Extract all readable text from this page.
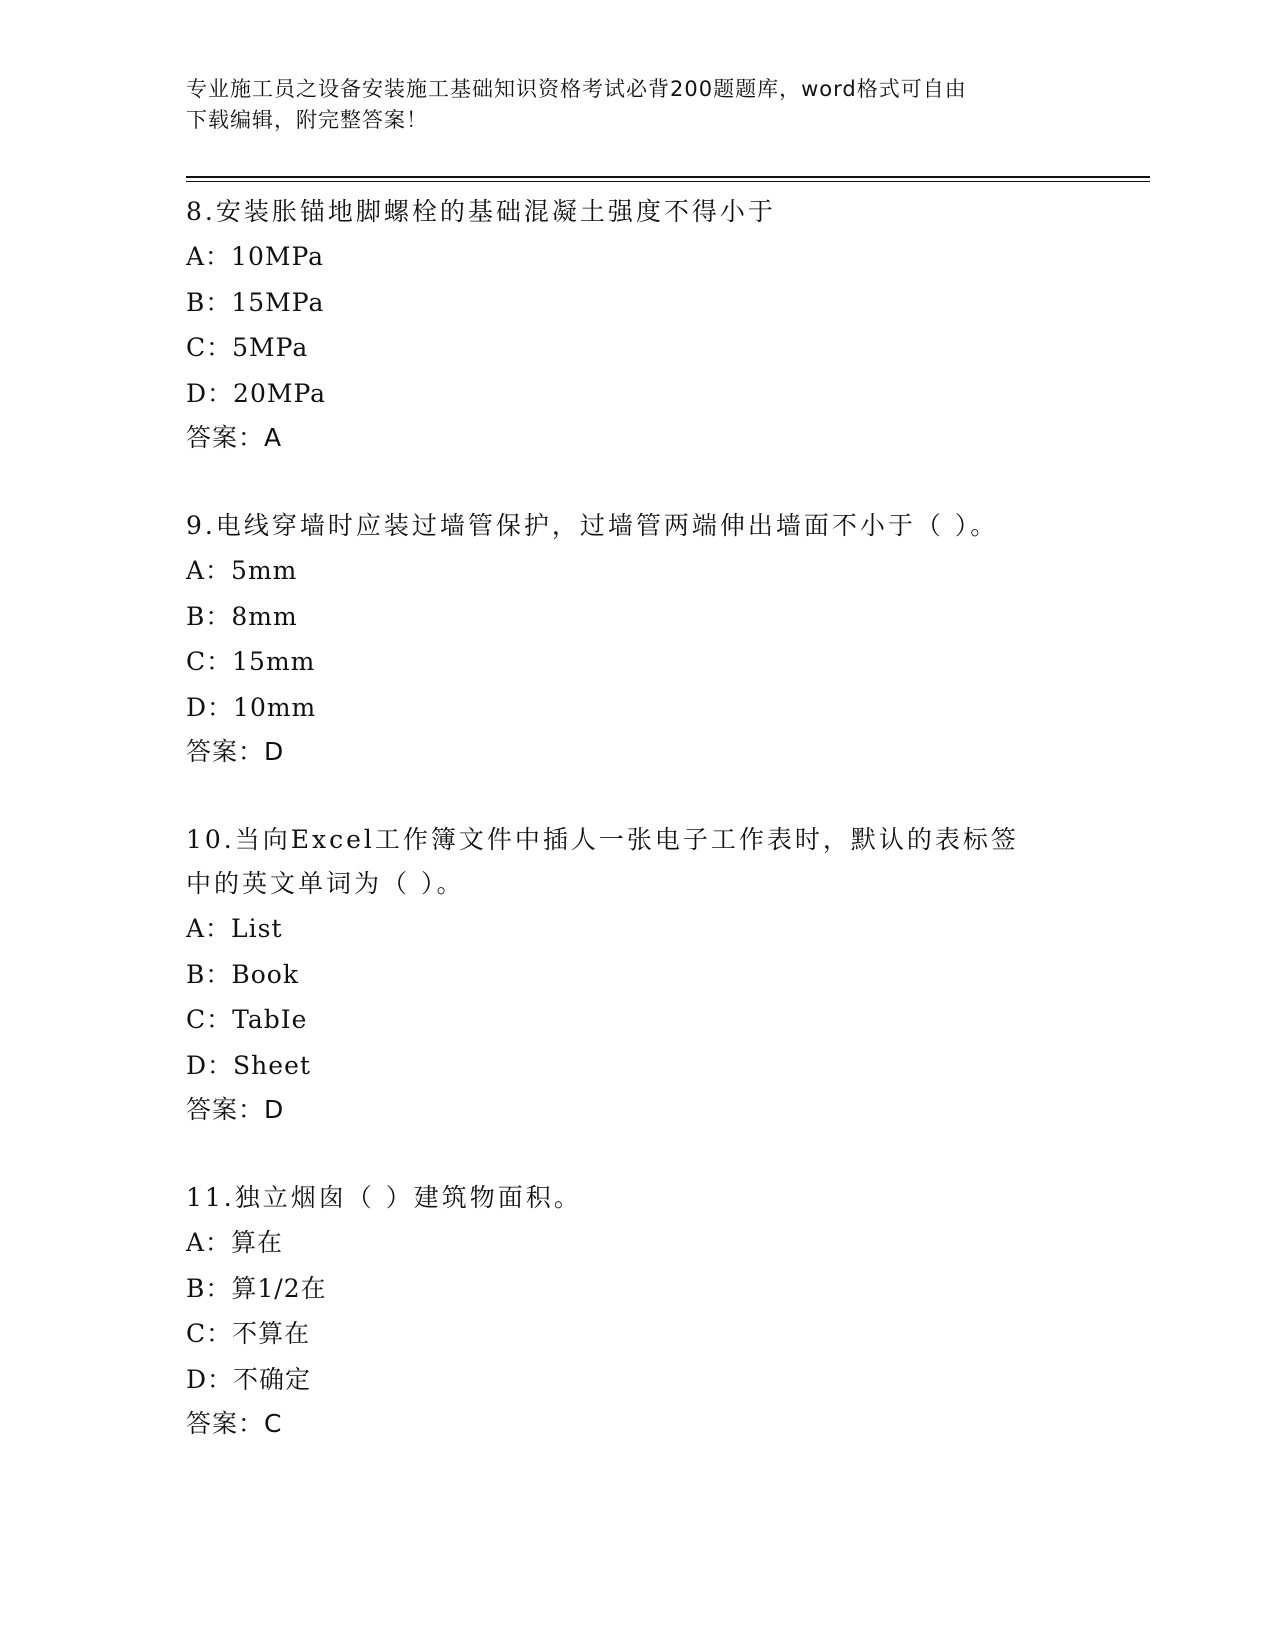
专业施工员之设备安装施工基础知识资格考试必背200题题库，word格式可自由
下载编辑，附完整答案！

8.安装胀锚地脚螺栓的基础混凝土强度不得小于

A：10MPa

B：15MPa

C：5MPa

D：20MPa

答案：A

9.电线穿墙时应装过墙管保护，过墙管两端伸出墙面不小于（ ）。

A：5mm

B：8mm

C：15mm

D：10mm

答案：D

10.当向Excel工作簿文件中插人一张电子工作表时，默认的表标签中的英文单词为（ ）。

A：List

B：Book

C：TabIe

D：Sheet

答案：D

11.独立烟囱（ ）建筑物面积。

A：算在

B：算1/2在

C：不算在

D：不确定

答案：C
